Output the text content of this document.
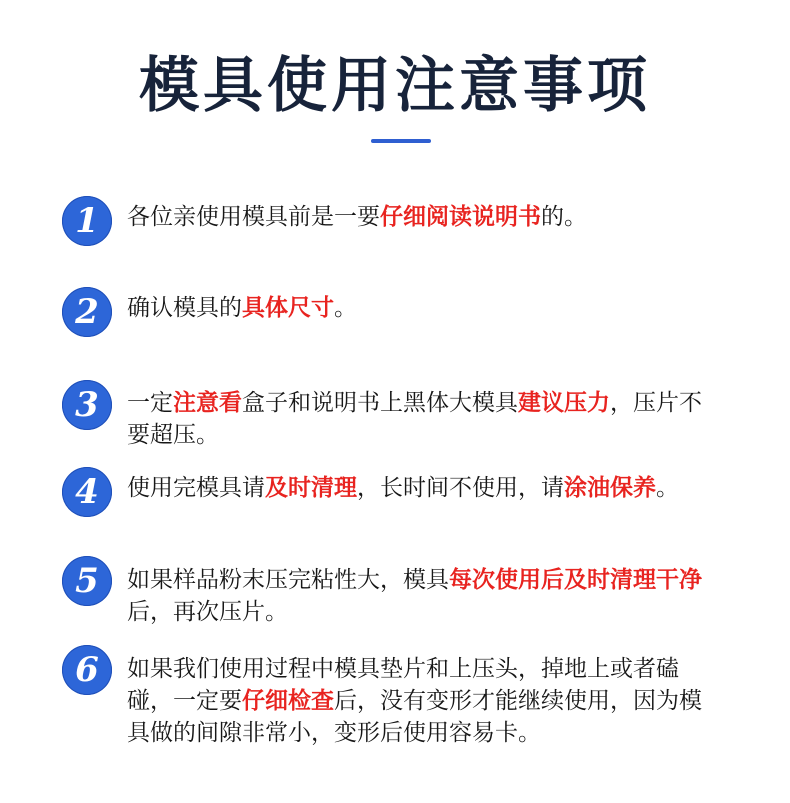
模具使用注意事项
1	各位亲使用模具前是一要仔细阅读说明书的。
2	确认模具的具体尺寸。
3	一定注意看盒子和说明书上黑体大模具建议压力，压片不要超压。
4	使用完模具请及时清理，长时间不使用，请涂油保养。
5	如果样品粉末压完粘性大，模具每次使用后及时清理干净后，再次压片。
6	如果我们使用过程中模具垫片和上压头，掉地上或者磕碰，一定要仔细检查后，没有变形才能继续使用，因为模具做的间隙非常小，变形后使用容易卡。
